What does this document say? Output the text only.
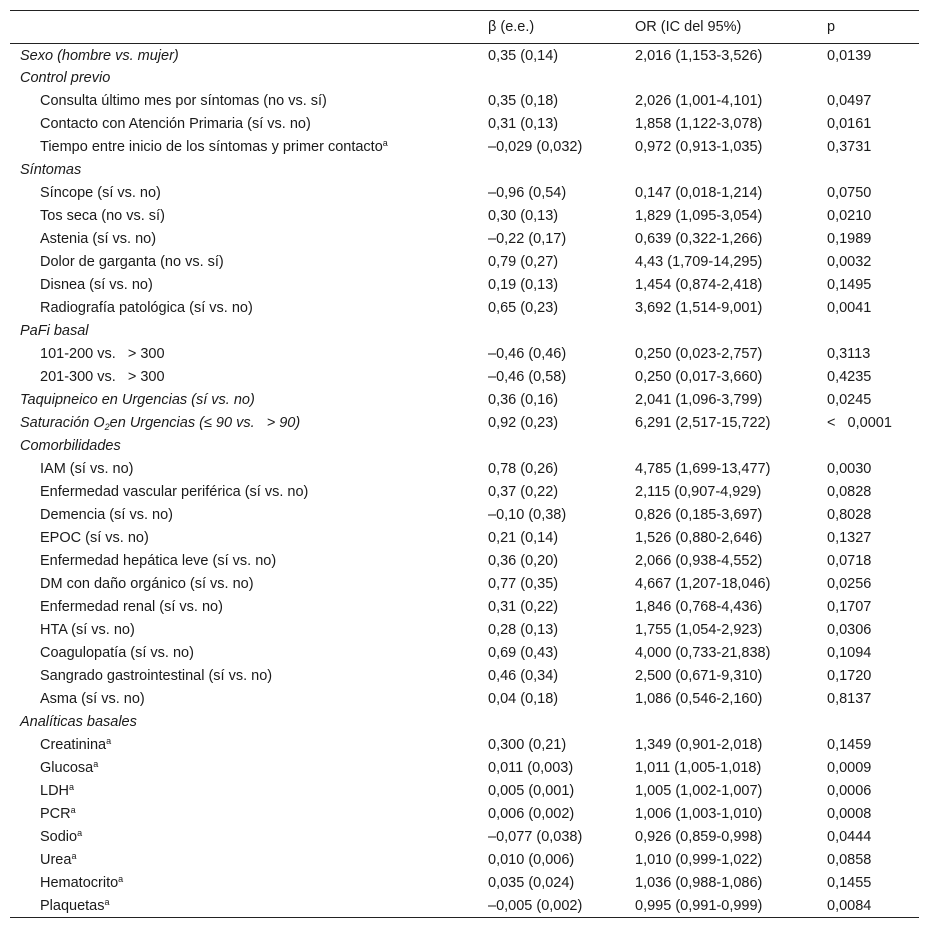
	β (e.e.)	OR (IC del 95%)	p
Sexo (hombre vs. mujer)	0,35 (0,14)	2,016 (1,153-3,526)	0,0139
Control previo			
Consulta último mes por síntomas (no vs. sí)	0,35 (0,18)	2,026 (1,001-4,101)	0,0497
Contacto con Atención Primaria (sí vs. no)	0,31 (0,13)	1,858 (1,122-3,078)	0,0161
Tiempo entre inicio de los síntomas y primer contacto$^a$	–0,029 (0,032)	0,972 (0,913-1,035)	0,3731
Síntomas			
Síncope (sí vs. no)	–0,96 (0,54)	0,147 (0,018-1,214)	0,0750
Tos seca (no vs. sí)	0,30 (0,13)	1,829 (1,095-3,054)	0,0210
Astenia (sí vs. no)	–0,22 (0,17)	0,639 (0,322-1,266)	0,1989
Dolor de garganta (no vs. sí)	0,79 (0,27)	4,43 (1,709-14,295)	0,0032
Disnea (sí vs. no)	0,19 (0,13)	1,454 (0,874-2,418)	0,1495
Radiografía patológica (sí vs. no)	0,65 (0,23)	3,692 (1,514-9,001)	0,0041
PaFi basal			
101-200 vs.   > 300	–0,46 (0,46)	0,250 (0,023-2,757)	0,3113
201-300 vs.   > 300	–0,46 (0,58)	0,250 (0,017-3,660)	0,4235
Taquipneico en Urgencias (sí vs. no)	0,36 (0,16)	2,041 (1,096-3,799)	0,0245
Saturación $O_2en$ Urgencias (≤ 90 vs.   > 90)	0,92 (0,23)	6,291 (2,517-15,722)	<   0,0001
Comorbilidades			
IAM (sí vs. no)	0,78 (0,26)	4,785 (1,699-13,477)	0,0030
Enfermedad vascular periférica (sí vs. no)	0,37 (0,22)	2,115 (0,907-4,929)	0,0828
Demencia (sí vs. no)	–0,10 (0,38)	0,826 (0,185-3,697)	0,8028
EPOC (sí vs. no)	0,21 (0,14)	1,526 (0,880-2,646)	0,1327
Enfermedad hepática leve (sí vs. no)	0,36 (0,20)	2,066 (0,938-4,552)	0,0718
DM con daño orgánico (sí vs. no)	0,77 (0,35)	4,667 (1,207-18,046)	0,0256
Enfermedad renal (sí vs. no)	0,31 (0,22)	1,846 (0,768-4,436)	0,1707
HTA (sí vs. no)	0,28 (0,13)	1,755 (1,054-2,923)	0,0306
Coagulopatía (sí vs. no)	0,69 (0,43)	4,000 (0,733-21,838)	0,1094
Sangrado gastrointestinal (sí vs. no)	0,46 (0,34)	2,500 (0,671-9,310)	0,1720
Asma (sí vs. no)	0,04 (0,18)	1,086 (0,546-2,160)	0,8137
Analíticas basales			
Creatinina$^a$	0,300 (0,21)	1,349 (0,901-2,018)	0,1459
Glucosa$^a$	0,011 (0,003)	1,011 (1,005-1,018)	0,0009
LDH$^a$	0,005 (0,001)	1,005 (1,002-1,007)	0,0006
PCR$^a$	0,006 (0,002)	1,006 (1,003-1,010)	0,0008
Sodio$^a$	–0,077 (0,038)	0,926 (0,859-0,998)	0,0444
Urea$^a$	0,010 (0,006)	1,010 (0,999-1,022)	0,0858
Hematocrito$^a$	0,035 (0,024)	1,036 (0,988-1,086)	0,1455
Plaquetas$^a$	–0,005 (0,002)	0,995 (0,991-0,999)	0,0084
